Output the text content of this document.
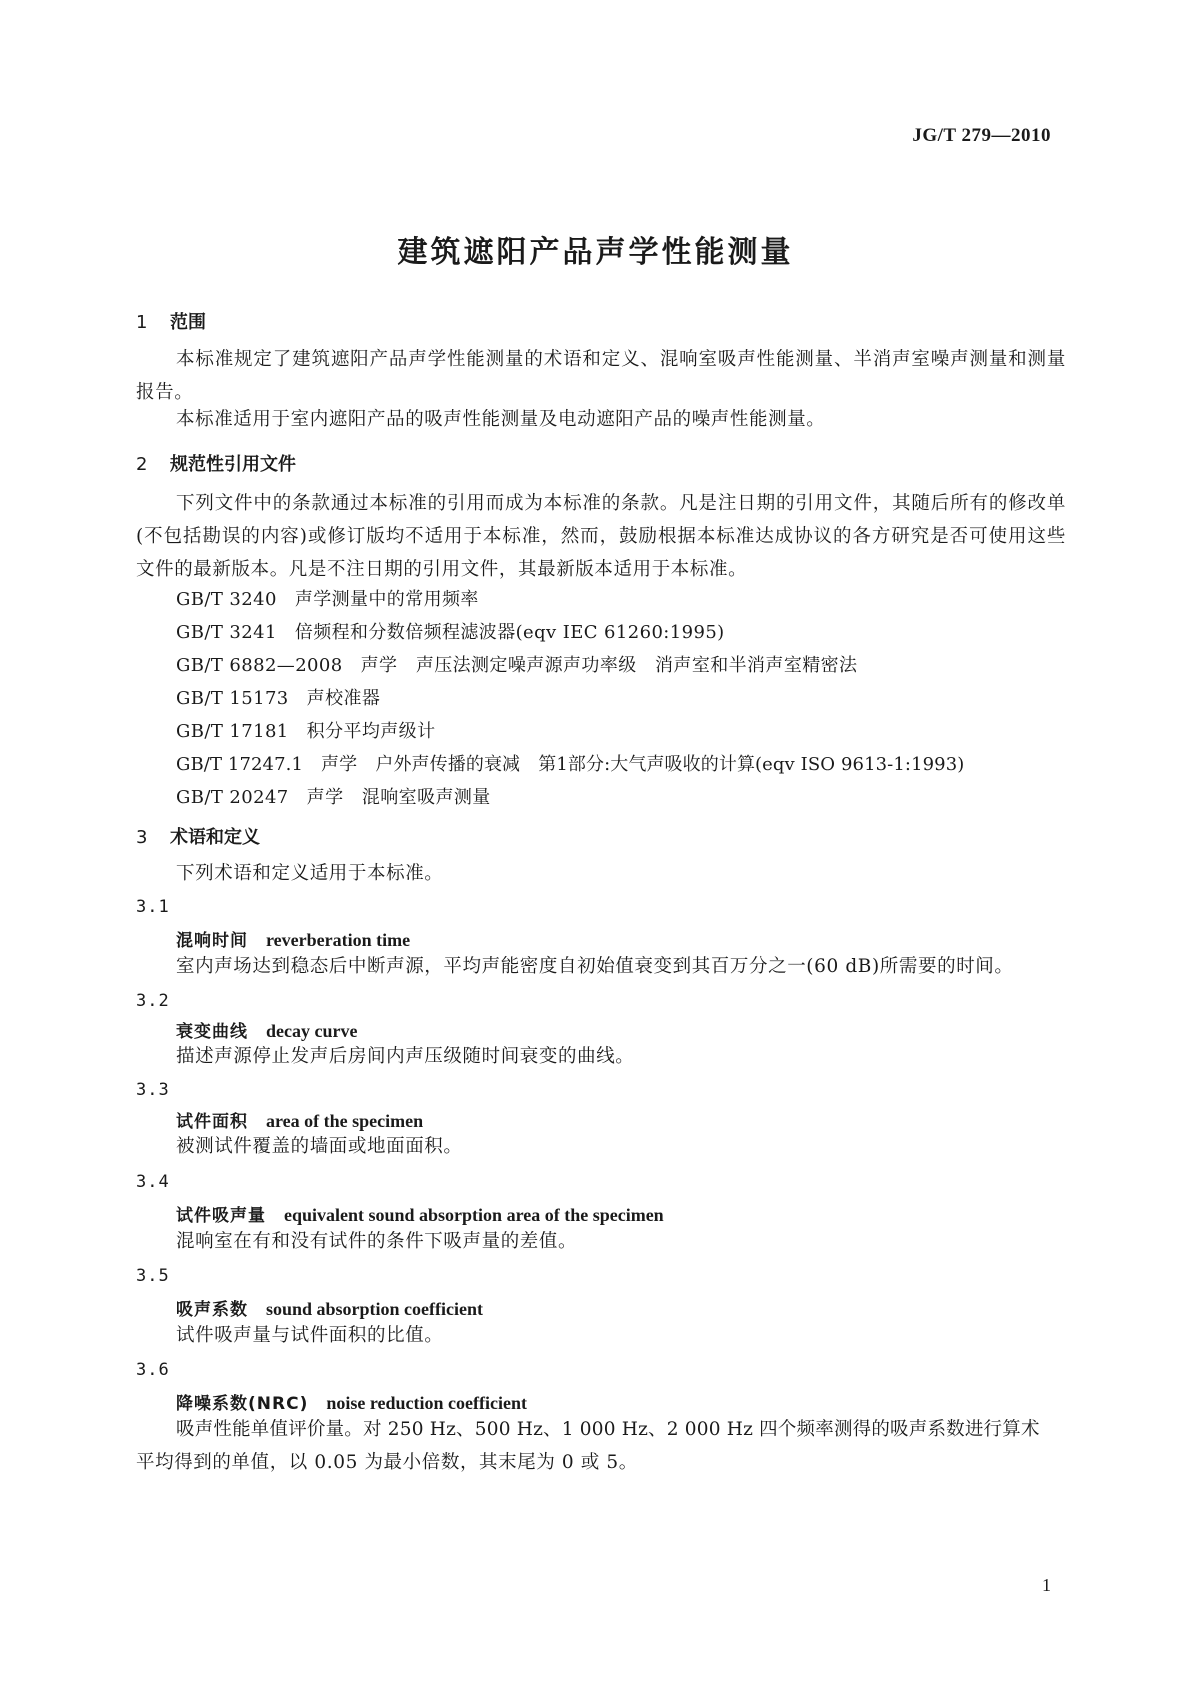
JG/T 279—2010
建筑遮阳产品声学性能测量
1 范围
本标准规定了建筑遮阳产品声学性能测量的术语和定义、混响室吸声性能测量、半消声室噪声测量和测量报告。
本标准适用于室内遮阳产品的吸声性能测量及电动遮阳产品的噪声性能测量。
2 规范性引用文件
下列文件中的条款通过本标准的引用而成为本标准的条款。凡是注日期的引用文件，其随后所有的修改单(不包括勘误的内容)或修订版均不适用于本标准，然而，鼓励根据本标准达成协议的各方研究是否可使用这些文件的最新版本。凡是不注日期的引用文件，其最新版本适用于本标准。
GB/T 3240 声学测量中的常用频率
GB/T 3241 倍频程和分数倍频程滤波器(eqv IEC 61260:1995)
GB/T 6882—2008 声学　声压法测定噪声源声功率级　消声室和半消声室精密法
GB/T 15173 声校准器
GB/T 17181 积分平均声级计
GB/T 17247.1 声学　户外声传播的衰减　第1部分:大气声吸收的计算(eqv ISO 9613-1:1993)
GB/T 20247 声学　混响室吸声测量
3 术语和定义
下列术语和定义适用于本标准。
3.1
混响时间 reverberation time
室内声场达到稳态后中断声源，平均声能密度自初始值衰变到其百万分之一(60 dB)所需要的时间。
3.2
衰变曲线 decay curve
描述声源停止发声后房间内声压级随时间衰变的曲线。
3.3
试件面积 area of the specimen
被测试件覆盖的墙面或地面面积。
3.4
试件吸声量 equivalent sound absorption area of the specimen
混响室在有和没有试件的条件下吸声量的差值。
3.5
吸声系数 sound absorption coefficient
试件吸声量与试件面积的比值。
3.6
降噪系数(NRC) noise reduction coefficient
吸声性能单值评价量。对 250 Hz、500 Hz、1 000 Hz、2 000 Hz 四个频率测得的吸声系数进行算术
平均得到的单值，以 0.05 为最小倍数，其末尾为 0 或 5。
1
